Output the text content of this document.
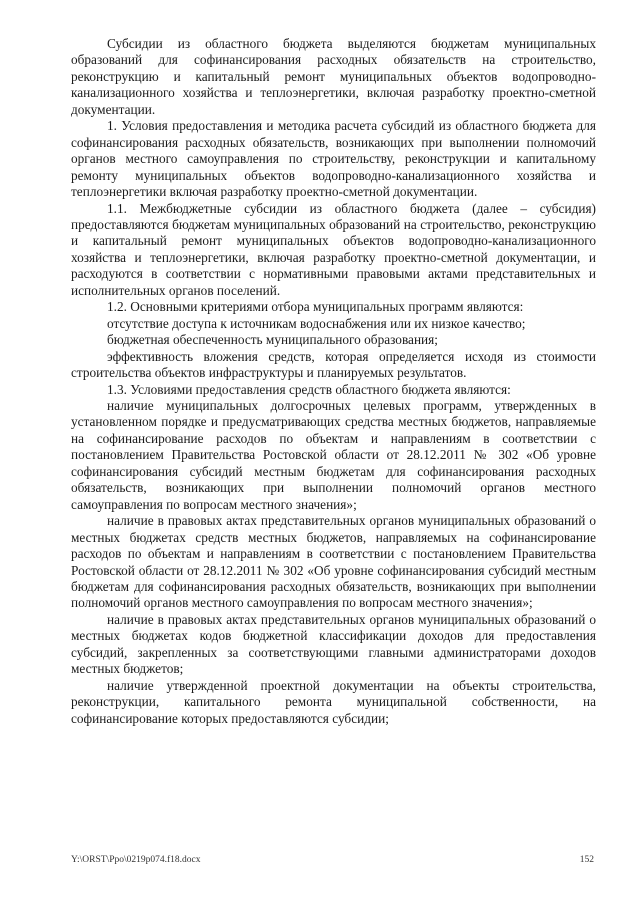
Субсидии из областного бюджета выделяются бюджетам муниципальных образований для софинансирования расходных обязательств на строительство, реконструкцию и капитальный ремонт муниципальных объектов водопроводно-канализационного хозяйства и теплоэнергетики, включая разработку проектно-сметной документации.

1. Условия предоставления и методика расчета субсидий из областного бюджета для софинансирования расходных обязательств, возникающих при выполнении полномочий органов местного самоуправления по строительству, реконструкции и капитальному ремонту муниципальных объектов водопроводно-канализационного хозяйства и теплоэнергетики включая разработку проектно-сметной документации.

1.1. Межбюджетные субсидии из областного бюджета (далее – субсидия) предоставляются бюджетам муниципальных образований на строительство, реконструкцию и капитальный ремонт муниципальных объектов водопроводно-канализационного хозяйства и теплоэнергетики, включая разработку проектно-сметной документации, и расходуются в соответствии с нормативными правовыми актами представительных и исполнительных органов поселений.

1.2. Основными критериями отбора муниципальных программ являются:

отсутствие доступа к источникам водоснабжения или их низкое качество;

бюджетная обеспеченность муниципального образования;

эффективность вложения средств, которая определяется исходя из стоимости строительства объектов инфраструктуры и планируемых результатов.

1.3. Условиями предоставления средств областного бюджета являются:

наличие муниципальных долгосрочных целевых программ, утвержденных в установленном порядке и предусматривающих средства местных бюджетов, направляемые на софинансирование расходов по объектам и направлениям в соответствии с постановлением Правительства Ростовской области от 28.12.2011 № 302 «Об уровне софинансирования субсидий местным бюджетам для софинансирования расходных обязательств, возникающих при выполнении полномочий органов местного самоуправления по вопросам местного значения»;

наличие в правовых актах представительных органов муниципальных образований о местных бюджетах средств местных бюджетов, направляемых на софинансирование расходов по объектам и направлениям в соответствии с постановлением Правительства Ростовской области от 28.12.2011 № 302 «Об уровне софинансирования субсидий местным бюджетам для софинансирования расходных обязательств, возникающих при выполнении полномочий органов местного самоуправления по вопросам местного значения»;

наличие в правовых актах представительных органов муниципальных образований о местных бюджетах кодов бюджетной классификации доходов для предоставления субсидий, закрепленных за соответствующими главными администраторами доходов местных бюджетов;

наличие утвержденной проектной документации на объекты строительства, реконструкции, капитального ремонта муниципальной собственности, на софинансирование которых предоставляются субсидии;

Y:\ORST\Ppo\0219p074.f18.docx	152
